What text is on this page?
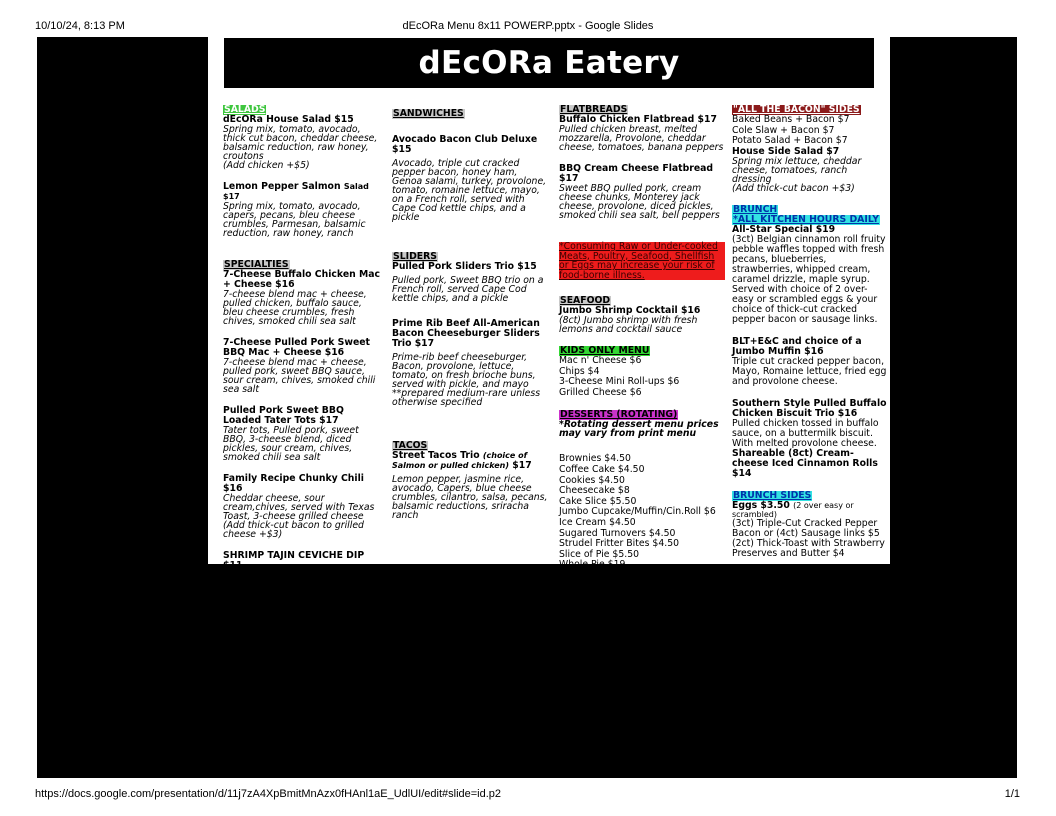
10/10/24, 8:13 PM	dEcORa Menu 8x11 POWERP.pptx - Google Slides
dEcORa Eatery
SALADS
dEcORa House Salad $15
Spring mix, tomato, avocado, thick cut bacon, cheddar cheese, balsamic reduction, raw honey, croutons
(Add chicken +$5)
Lemon Pepper Salmon Salad $17
Spring mix, tomato, avocado, capers, pecans, bleu cheese crumbles, Parmesan, balsamic reduction, raw honey, ranch
SPECIALTIES
7-Cheese Buffalo Chicken Mac + Cheese $16
7-cheese blend mac + cheese, pulled chicken, buffalo sauce, bleu cheese crumbles, fresh chives, smoked chili sea salt
7-Cheese Pulled Pork Sweet BBQ Mac + Cheese $16
7-cheese blend mac + cheese, pulled pork, sweet BBQ sauce, sour cream, chives, smoked chili sea salt
Pulled Pork Sweet BBQ Loaded Tater Tots $17
Tater tots, Pulled pork, sweet BBQ, 3-cheese blend, diced pickles, sour cream, chives, smoked chili sea salt
Family Recipe Chunky Chili $16
Cheddar cheese, sour cream,chives, served with Texas Toast, 3-cheese grilled cheese (Add thick-cut bacon to grilled cheese +$3)
SHRIMP TAJIN CEVICHE DIP $11
Fresh cooked shrimp, lemon, lime, OJ, Jalapenos, cucumbers, red onions, avocado. Served with Cape Cod kettle chips
SANDWICHES
Avocado Bacon Club Deluxe $15
Avocado, triple cut cracked pepper bacon, honey ham, Genoa salami, turkey, provolone, tomato, romaine lettuce, mayo, on a French roll, served with Cape Cod kettle chips, and a pickle
SLIDERS
Pulled Pork Sliders Trio $15
Pulled pork, Sweet BBQ trio on a French roll, served Cape Cod kettle chips, and a pickle
Prime Rib Beef All-American Bacon Cheeseburger Sliders Trio $17
Prime-rib beef cheeseburger, Bacon, provolone, lettuce, tomato, on fresh brioche buns, served with pickle, and mayo
**prepared medium-rare unless otherwise specified
TACOS
Street Tacos Trio (choice of Salmon or pulled chicken) $17
Lemon pepper, jasmine rice, avocado, Capers, blue cheese crumbles, cilantro, salsa, pecans, balsamic reductions, sriracha ranch
FLATBREADS
Buffalo Chicken Flatbread $17
Pulled chicken breast, melted mozzarella, Provolone, cheddar cheese, tomatoes, banana peppers
BBQ Cream Cheese Flatbread $17
Sweet BBQ pulled pork, cream cheese chunks, Monterey jack cheese, provolone, diced pickles, smoked chili sea salt, bell peppers
*Consuming Raw or Under-cooked Meats, Poultry, Seafood, Shellfish or Eggs may increase your risk of food-borne illness.
SEAFOOD
Jumbo Shrimp Cocktail $16
(8ct) Jumbo shrimp with fresh lemons and cocktail sauce
KIDS ONLY MENU
Mac n' Cheese $6
Chips $4
3-Cheese Mini Roll-ups $6
Grilled Cheese $6
DESSERTS (ROTATING)
*Rotating dessert menu prices may vary from print menu
Brownies $4.50
Coffee Cake $4.50
Cookies $4.50
Cheesecake $8
Cake Slice $5.50
Jumbo Cupcake/Muffin/Cin.Roll $6
Ice Cream $4.50
Sugared Turnovers $4.50
Strudel Fritter Bites $4.50
Slice of Pie $5.50
Whole Pie $19
"ALL THE BACON" SIDES
Baked Beans + Bacon $7
Cole Slaw + Bacon $7
Potato Salad + Bacon $7
House Side Salad $7
Spring mix lettuce, cheddar cheese, tomatoes, ranch dressing
(Add thick-cut bacon +$3)
BRUNCH
*ALL KITCHEN HOURS DAILY
All-Star Special $19
(3ct) Belgian cinnamon roll fruity pebble waffles topped with fresh pecans, blueberries, strawberries, whipped cream, caramel drizzle, maple syrup. Served with choice of 2 over-easy or scrambled eggs & your choice of thick-cut cracked pepper bacon or sausage links.
BLT+E&C and choice of a Jumbo Muffin $16
Triple cut cracked pepper bacon, Mayo, Romaine lettuce, fried egg and provolone cheese.
Southern Style Pulled Buffalo Chicken Biscuit Trio $16
Pulled chicken tossed in buffalo sauce, on a buttermilk biscuit. With melted provolone cheese.
Shareable (8ct) Cream-cheese Iced Cinnamon Rolls $14
BRUNCH SIDES
Eggs $3.50 (2 over easy or scrambled)
(3ct) Triple-Cut Cracked Pepper Bacon or (4ct) Sausage links $5
(2ct) Thick-Toast with Strawberry Preserves and Butter $4
https://docs.google.com/presentation/d/11j7zA4XpBmitMnAzx0fHAnl1aE_UdlUI/edit#slide=id.p2	1/1
